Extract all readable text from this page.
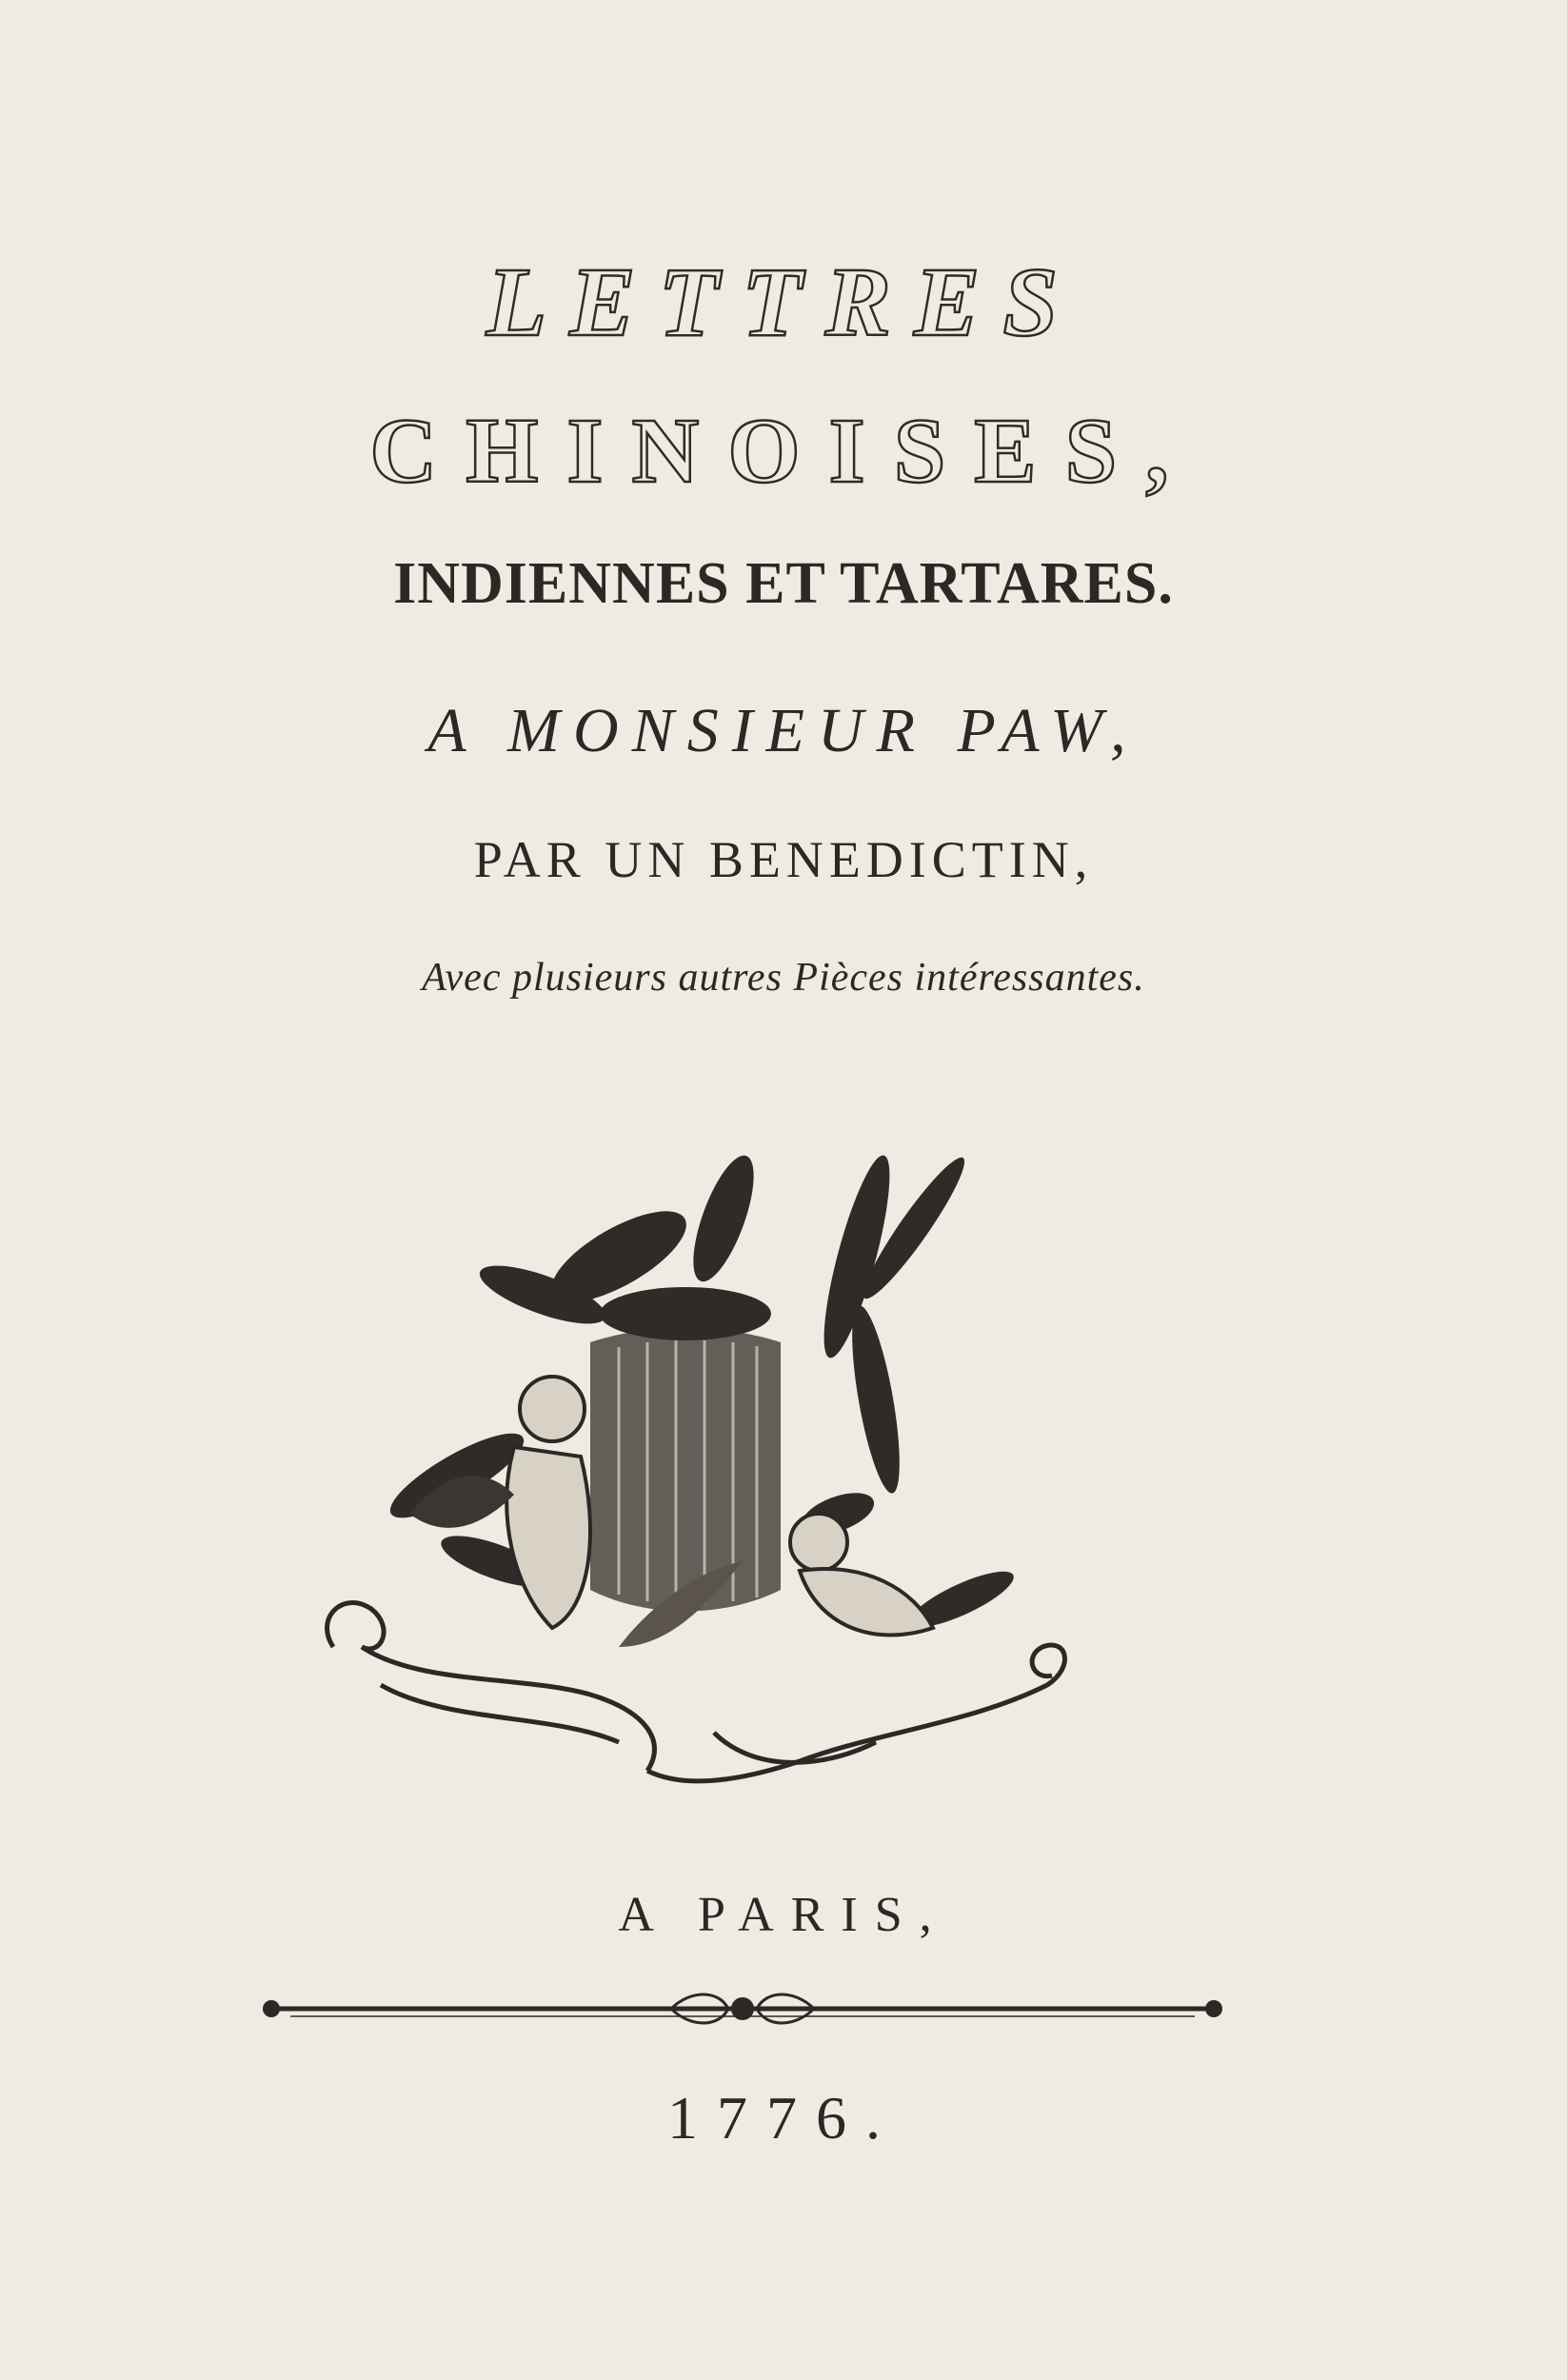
LETTRES
CHINOISES,
INDIENNES ET TARTARES.
A MONSIEUR PAW,
PAR UN BENEDICTIN,
Avec plusieurs autres Pièces intéressantes.
A PARIS,
1776.
